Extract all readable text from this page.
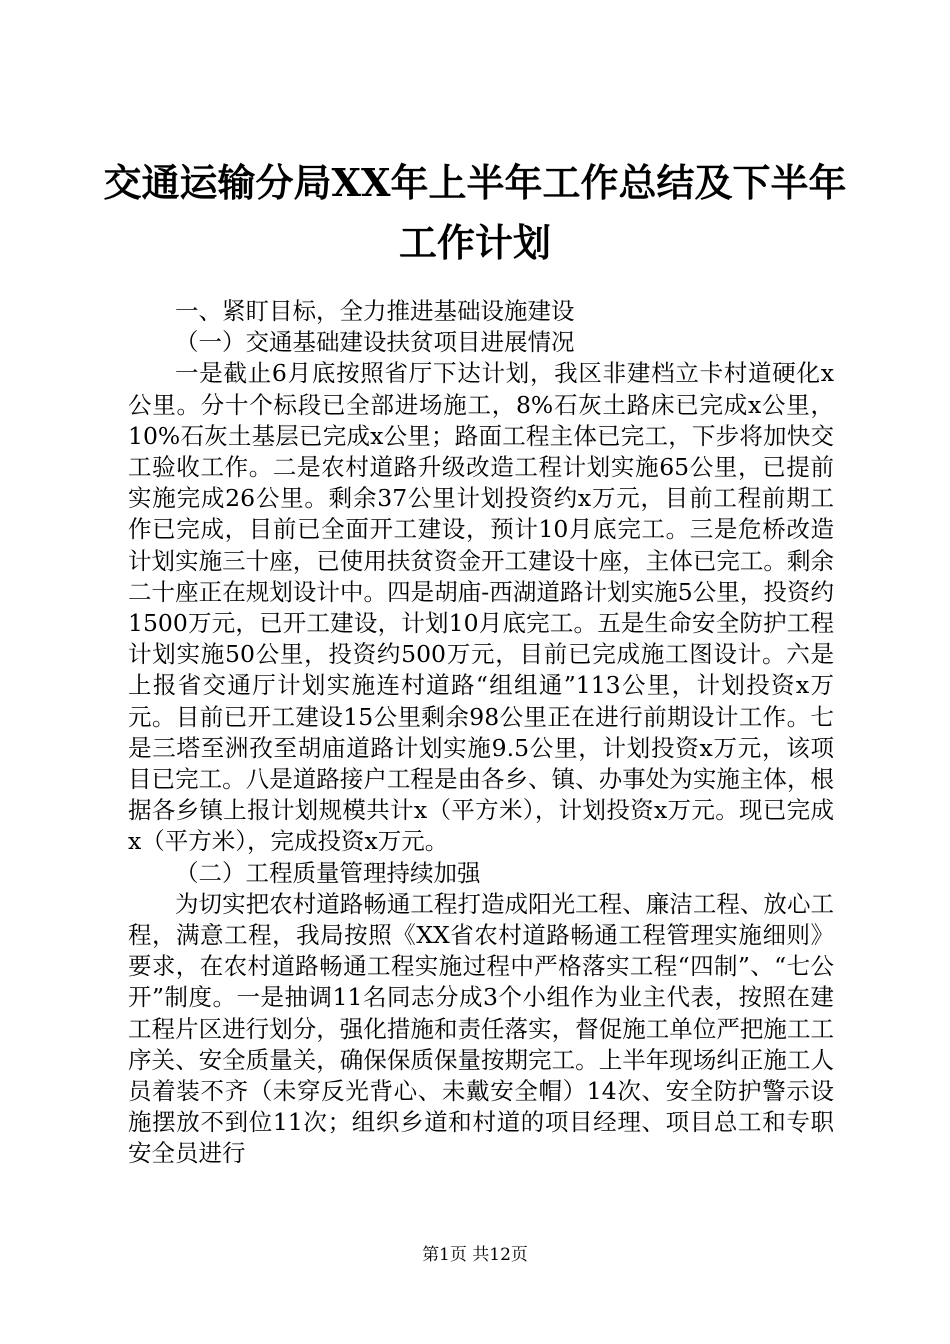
交通运输分局XX年上半年工作总结及下半年
工作计划

一、紧盯目标，全力推进基础设施建设

（一）交通基础建设扶贫项目进展情况

一是截止6月底按照省厅下达计划，我区非建档立卡村道硬化x公里。分十个标段已全部进场施工，8%石灰土路床已完成x公里，10%石灰土基层已完成x公里；路面工程主体已完工，下步将加快交工验收工作。二是农村道路升级改造工程计划实施65公里，已提前实施完成26公里。剩余37公里计划投资约x万元，目前工程前期工作已完成，目前已全面开工建设，预计10月底完工。三是危桥改造计划实施三十座，已使用扶贫资金开工建设十座，主体已完工。剩余二十座正在规划设计中。四是胡庙-西湖道路计划实施5公里，投资约1500万元，已开工建设，计划10月底完工。五是生命安全防护工程计划实施50公里，投资约500万元，目前已完成施工图设计。六是上报省交通厅计划实施连村道路“组组通”113公里，计划投资x万元。目前已开工建设15公里剩余98公里正在进行前期设计工作。七是三塔至洲孜至胡庙道路计划实施9.5公里，计划投资x万元，该项目已完工。八是道路接户工程是由各乡、镇、办事处为实施主体，根据各乡镇上报计划规模共计x（平方米），计划投资x万元。现已完成x（平方米），完成投资x万元。

（二）工程质量管理持续加强

为切实把农村道路畅通工程打造成阳光工程、廉洁工程、放心工程，满意工程，我局按照《XX省农村道路畅通工程管理实施细则》要求，在农村道路畅通工程实施过程中严格落实工程“四制”、“七公开”制度。一是抽调11名同志分成3个小组作为业主代表，按照在建工程片区进行划分，强化措施和责任落实，督促施工单位严把施工工序关、安全质量关，确保保质保量按期完工。上半年现场纠正施工人员着装不齐（未穿反光背心、未戴安全帽）14次、安全防护警示设施摆放不到位11次；组织乡道和村道的项目经理、项目总工和专职安全员进行

第1页 共12页
